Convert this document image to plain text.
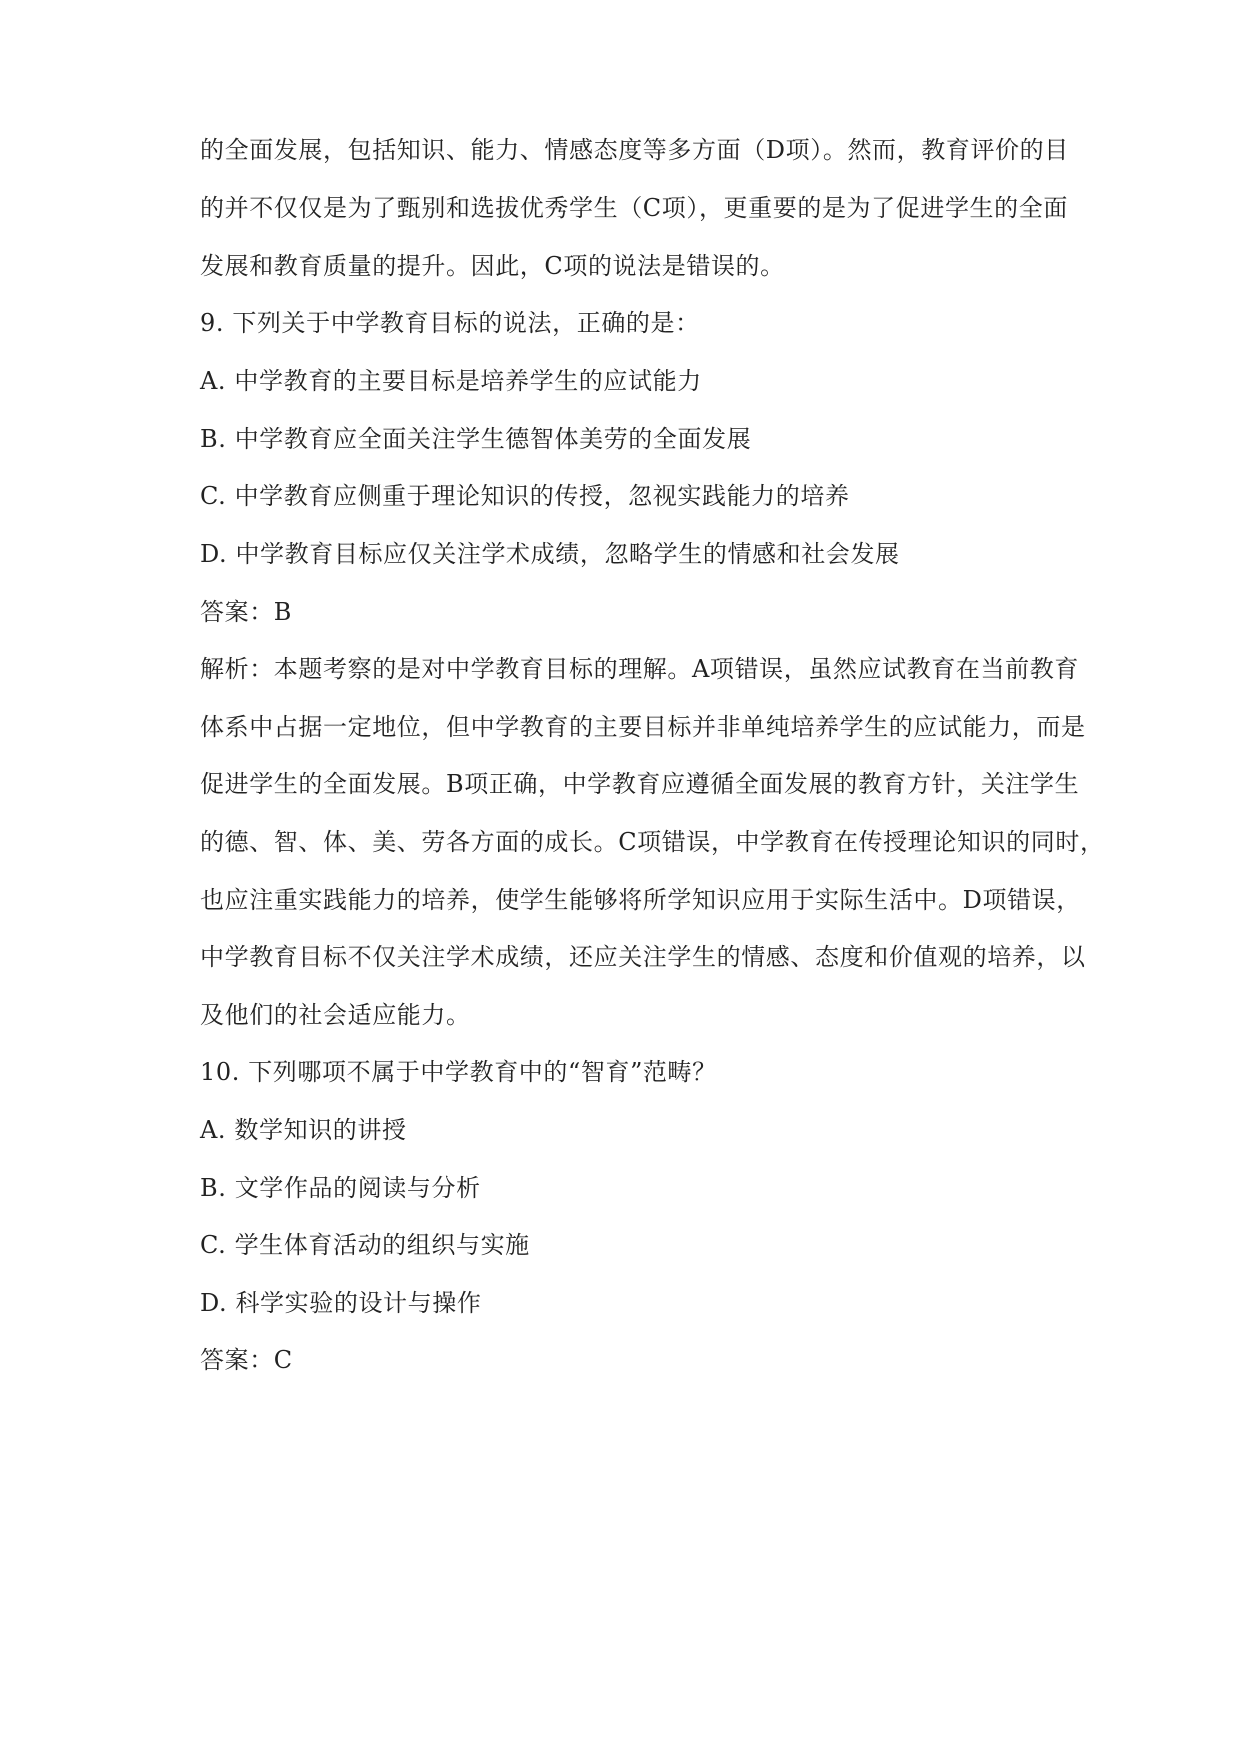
的全面发展，包括知识、能力、情感态度等多方面（D项）。然而，教育评价的目
的并不仅仅是为了甄别和选拔优秀学生（C项），更重要的是为了促进学生的全面
发展和教育质量的提升。因此，C项的说法是错误的。
9. 下列关于中学教育目标的说法，正确的是：
A. 中学教育的主要目标是培养学生的应试能力
B. 中学教育应全面关注学生德智体美劳的全面发展
C. 中学教育应侧重于理论知识的传授，忽视实践能力的培养
D. 中学教育目标应仅关注学术成绩，忽略学生的情感和社会发展
答案：B
解析：本题考察的是对中学教育目标的理解。A项错误，虽然应试教育在当前教育
体系中占据一定地位，但中学教育的主要目标并非单纯培养学生的应试能力，而是
促进学生的全面发展。B项正确，中学教育应遵循全面发展的教育方针，关注学生
的德、智、体、美、劳各方面的成长。C项错误，中学教育在传授理论知识的同时，
也应注重实践能力的培养，使学生能够将所学知识应用于实际生活中。D项错误，
中学教育目标不仅关注学术成绩，还应关注学生的情感、态度和价值观的培养，以
及他们的社会适应能力。
10. 下列哪项不属于中学教育中的“智育”范畴？
A. 数学知识的讲授
B. 文学作品的阅读与分析
C. 学生体育活动的组织与实施
D. 科学实验的设计与操作
答案：C
